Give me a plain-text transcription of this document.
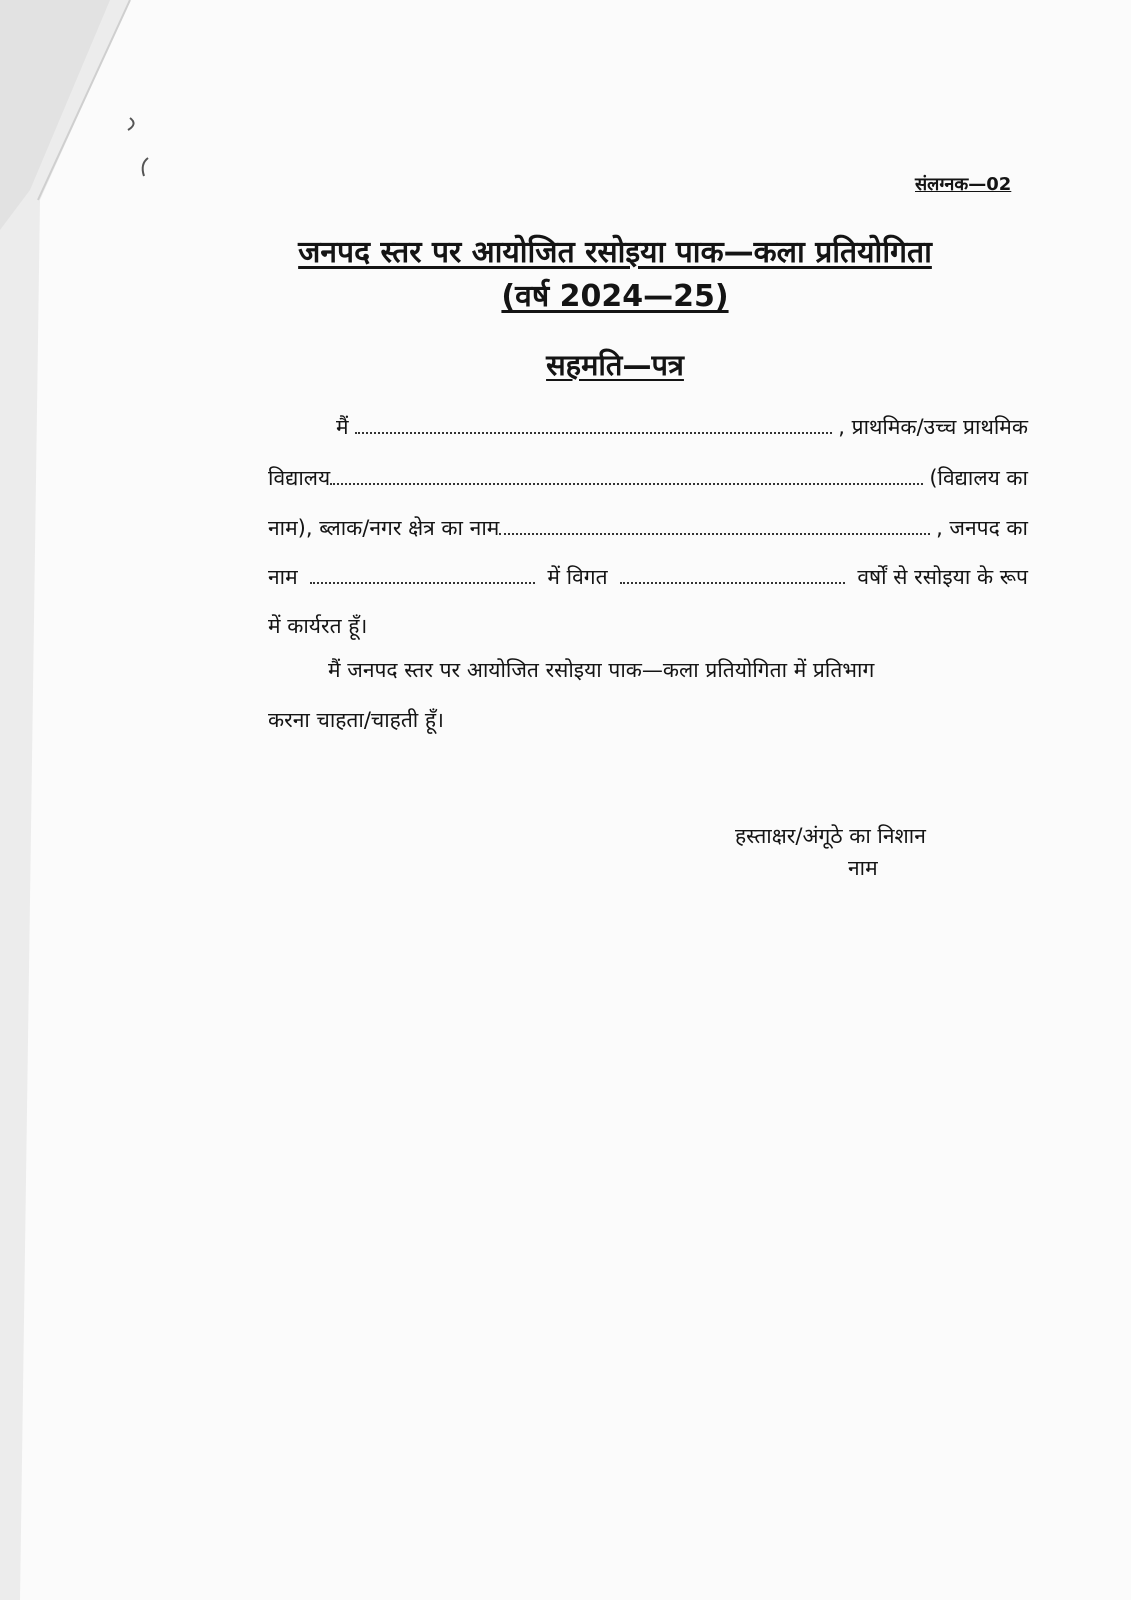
संलग्नक—02
जनपद स्तर पर आयोजित रसोइया पाक—कला प्रतियोगिता
(वर्ष 2024—25)
सहमति—पत्र
मैं	, प्राथमिक/उच्च प्राथमिक
विद्यालय	(विद्यालय का
नाम), ब्लाक/नगर क्षेत्र का नाम	, जनपद का
नाम	में विगत	वर्षों से रसोइया के रूप
में कार्यरत हूँ।
मैं जनपद स्तर पर आयोजित रसोइया पाक—कला प्रतियोगिता में प्रतिभाग
करना चाहता/चाहती हूँ।
हस्ताक्षर/अंगूठे का निशान
नाम
